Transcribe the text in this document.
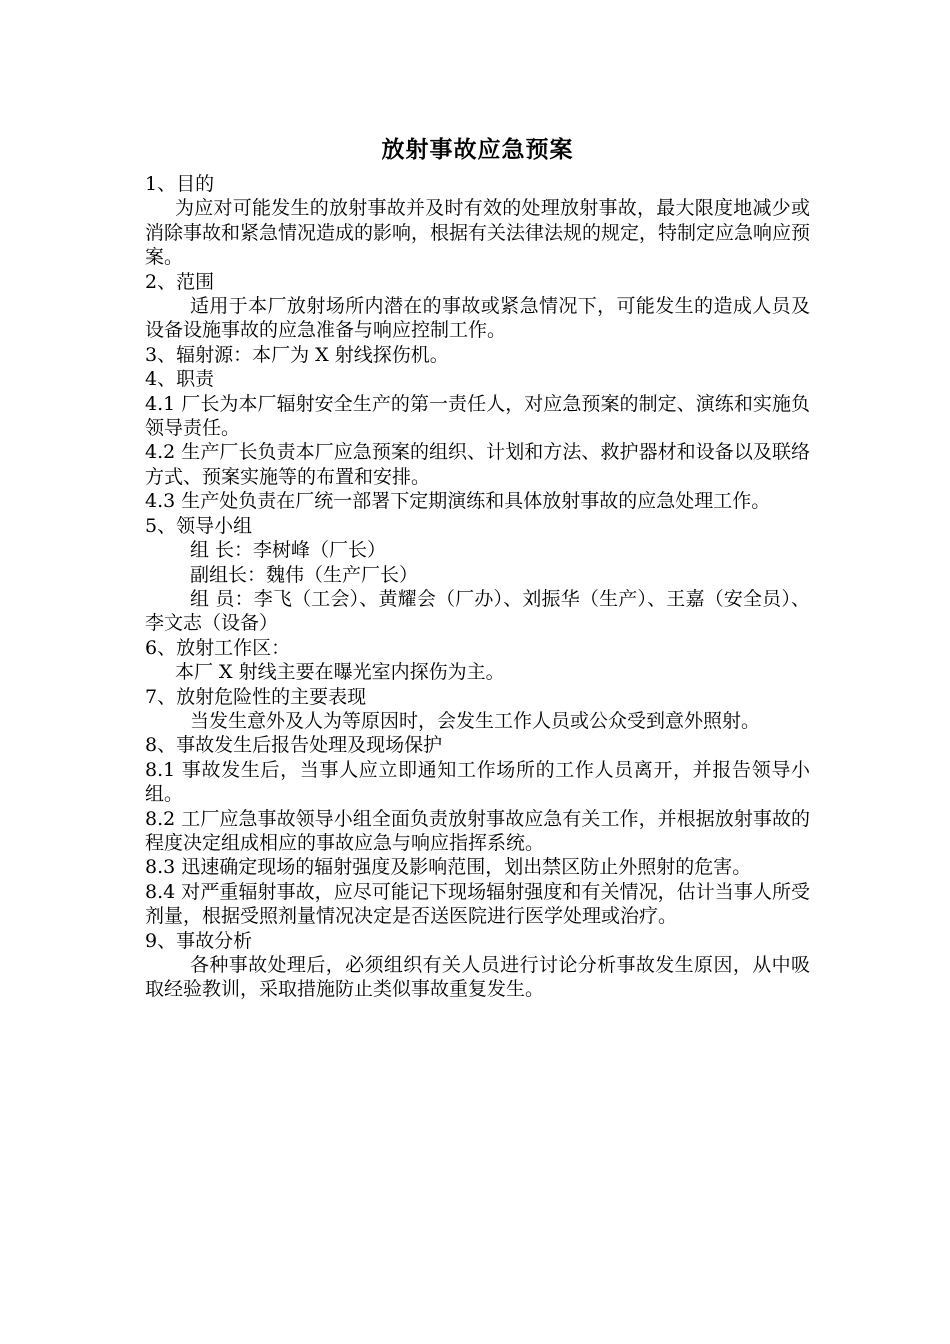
放射事故应急预案

1、目的

为应对可能发生的放射事故并及时有效的处理放射事故，最大限度地减少或消除事故和紧急情况造成的影响，根据有关法律法规的规定，特制定应急响应预案。

2、范围

适用于本厂放射场所内潜在的事故或紧急情况下，可能发生的造成人员及设备设施事故的应急准备与响应控制工作。

3、辐射源：本厂为 X 射线探伤机。

4、职责

4.1 厂长为本厂辐射安全生产的第一责任人，对应急预案的制定、演练和实施负领导责任。

4.2 生产厂长负责本厂应急预案的组织、计划和方法、救护器材和设备以及联络方式、预案实施等的布置和安排。

4.3 生产处负责在厂统一部署下定期演练和具体放射事故的应急处理工作。

5、领导小组

组 长：李树峰（厂长）

副组长：魏伟（生产厂长）

组 员：李飞（工会）、黄耀会（厂办）、刘振华（生产）、王嘉（安全员）、李文志（设备）

6、放射工作区：

本厂 X 射线主要在曝光室内探伤为主。

7、放射危险性的主要表现

当发生意外及人为等原因时，会发生工作人员或公众受到意外照射。

8、事故发生后报告处理及现场保护

8.1 事故发生后，当事人应立即通知工作场所的工作人员离开，并报告领导小组。

8.2 工厂应急事故领导小组全面负责放射事故应急有关工作，并根据放射事故的程度决定组成相应的事故应急与响应指挥系统。

8.3 迅速确定现场的辐射强度及影响范围，划出禁区防止外照射的危害。

8.4 对严重辐射事故，应尽可能记下现场辐射强度和有关情况，估计当事人所受剂量，根据受照剂量情况决定是否送医院进行医学处理或治疗。

9、事故分析

各种事故处理后，必须组织有关人员进行讨论分析事故发生原因，从中吸取经验教训，采取措施防止类似事故重复发生。
